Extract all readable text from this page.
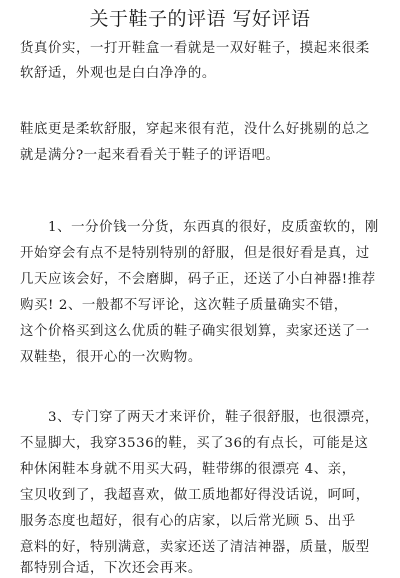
关于鞋子的评语 写好评语
货真价实，一打开鞋盒一看就是一双好鞋子，摸起来很柔
软舒适，外观也是白白净净的。
鞋底更是柔软舒服，穿起来很有范，没什么好挑剔的总之
就是满分?一起来看看关于鞋子的评语吧。
1、一分价钱一分货，东西真的很好，皮质蛮软的，刚
开始穿会有点不是特别特别的舒服，但是很好看是真，过
几天应该会好，不会磨脚，码子正，还送了小白神器!推荐
购买! 2、一般都不写评论，这次鞋子质量确实不错，
这个价格买到这么优质的鞋子确实很划算，卖家还送了一
双鞋垫，很开心的一次购物。
3、专门穿了两天才来评价，鞋子很舒服，也很漂亮，
不显脚大，我穿3536的鞋，买了36的有点长，可能是这
种休闲鞋本身就不用买大码，鞋带绑的很漂亮 4、亲，
宝贝收到了，我超喜欢，做工质地都好得没话说，呵呵，
服务态度也超好，很有心的店家，以后常光顾 5、出乎
意料的好，特别满意，卖家还送了清洁神器，质量，版型
都特别合适，下次还会再来。
